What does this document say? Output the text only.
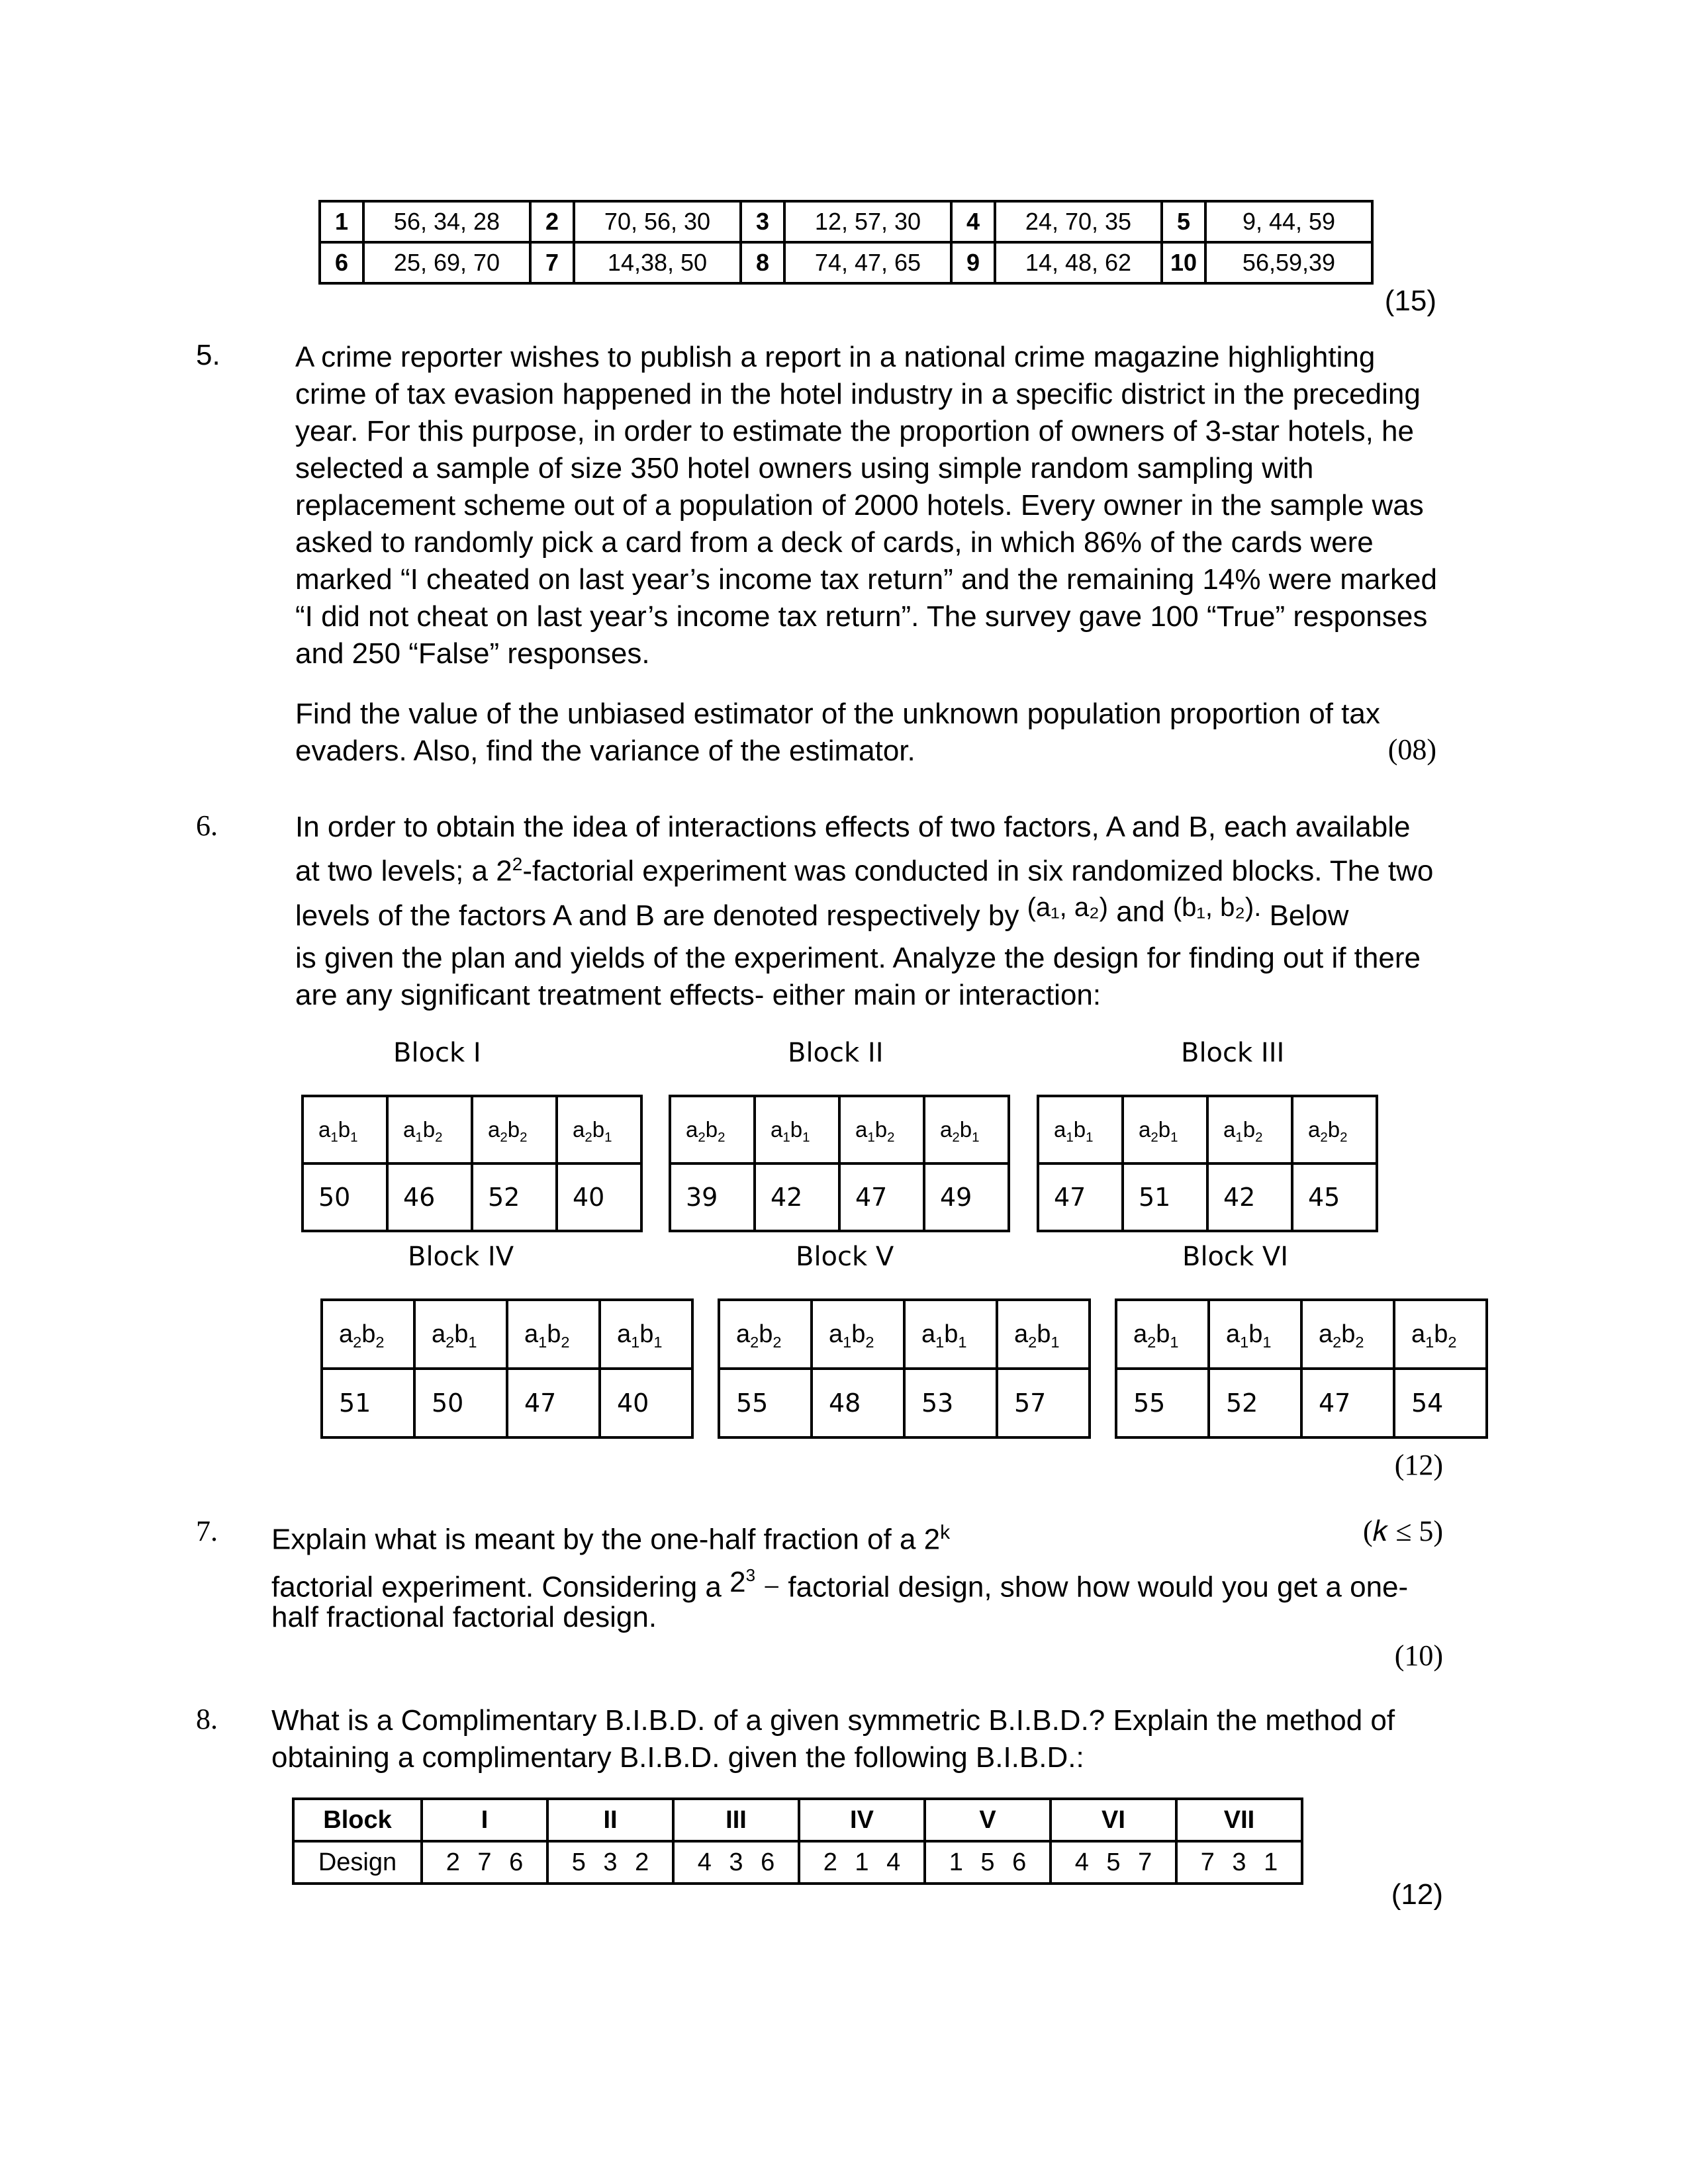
1	56, 34, 28	2	70, 56, 30	3	12, 57, 30	4	24, 70, 35	5	9, 44, 59
6	25, 69, 70	7	14,38, 50	8	74, 47, 65	9	14, 48, 62	10	56,59,39
(15)
5.	A crime reporter wishes to publish a report in a national crime magazine highlighting
crime of tax evasion happened in the hotel industry in a specific district in the preceding
year. For this purpose, in order to estimate the proportion of owners of 3-star hotels, he
selected a sample of size 350 hotel owners using simple random sampling with
replacement scheme out of a population of 2000 hotels. Every owner in the sample was
asked to randomly pick a card from a deck of cards, in which 86% of the cards were
marked “I cheated on last year’s income tax return” and the remaining 14% were marked
“I did not cheat on last year’s income tax return”. The survey gave 100 “True” responses
and 250 “False” responses.
Find the value of the unbiased estimator of the unknown population proportion of tax
evaders. Also, find the variance of the estimator.	(08)
6.	In order to obtain the idea of interactions effects of two factors, A and B, each available
at two levels; a $2^2$-factorial experiment was conducted in six randomized blocks. The two
levels of the factors A and B are denoted respectively by (a₁, a₂) and (b₁, b₂). Below
is given the plan and yields of the experiment. Analyze the design for finding out if there
are any significant treatment effects- either main or interaction:
Block I	Block II	Block III
Block IV	Block V	Block VI
$a_1b_1$	$a_1b_2$	$a_2b_2$	$a_2b_1$
50	46	52	40
$a_2b_2$	$a_1b_1$	$a_1b_2$	$a_2b_1$
39	42	47	49
$a_1b_1$	$a_2b_1$	$a_1b_2$	$a_2b_2$
47	51	42	45
$a_2b_2$	$a_2b_1$	$a_1b_2$	$a_1b_1$
51	50	47	40
$a_2b_2$	$a_1b_2$	$a_1b_1$	$a_2b_1$
55	48	53	57
$a_2b_1$	$a_1b_1$	$a_2b_2$	$a_1b_2$
55	52	47	54
(12)
7. Explain what is meant by the one-half fraction of a 2$^k$	(𝑘 ≤ 5)
factorial experiment. Considering a $2^3$ − factorial design, show how would you get a one-
half fractional factorial design.
(10)
8. What is a Complimentary B.I.B.D. of a given symmetric B.I.B.D.? Explain the method of
obtaining a complimentary B.I.B.D. given the following B.I.B.D.:
Block	I	II	III	IV	V	VI	VII
Design	2 7 6	5 3 2	4 3 6	2 1 4	1 5 6	4 5 7	7 3 1
(12)
